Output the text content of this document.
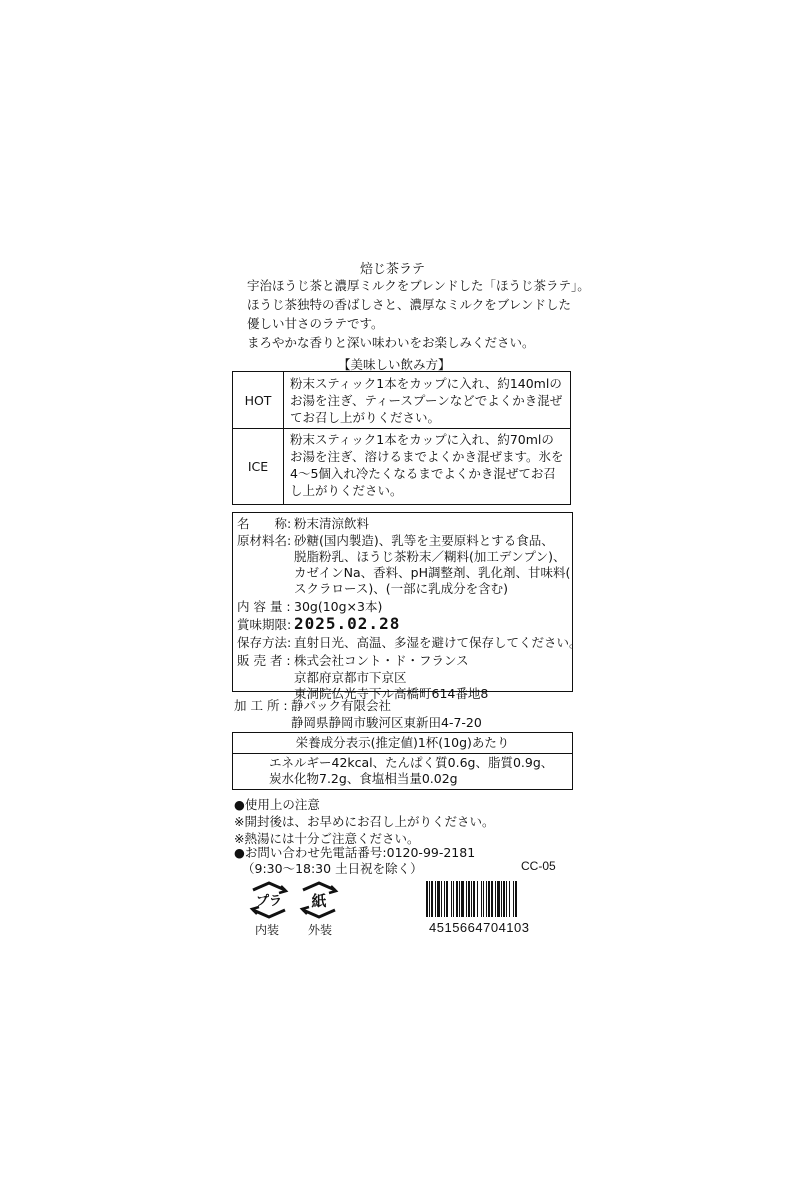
焙じ茶ラテ
宇治ほうじ茶と濃厚ミルクをブレンドした「ほうじ茶ラテ」。
ほうじ茶独特の香ばしさと、濃厚なミルクをブレンドした
優しい甘さのラテです。
まろやかな香りと深い味わいをお楽しみください。
【美味しい飲み方】
HOT
粉末スティック1本をカップに入れ、約140mlの
お湯を注ぎ、ティースプーンなどでよくかき混ぜ
てお召し上がりください。
ICE
粉末スティック1本をカップに入れ、約70mlの
お湯を注ぎ、溶けるまでよくかき混ぜます。氷を
4～5個入れ冷たくなるまでよくかき混ぜてお召
し上がりください。
名　　称: 粉末清涼飲料
原材料名: 砂糖(国内製造)、乳等を主要原料とする食品、
脱脂粉乳、ほうじ茶粉末／糊料(加工デンプン)、
カゼインNa、香料、pH調整剤、乳化剤、甘味料(
スクラロース)、(一部に乳成分を含む)
内 容 量 : 30g(10g×3本)
賞味期限: 2025.02.28
保存方法: 直射日光、高温、多湿を避けて保存してください。
販 売 者 : 株式会社コント・ド・フランス
京都府京都市下京区
東洞院仏光寺下ル高橋町614番地8
加 工 所 : 静パック有限会社
静岡県静岡市駿河区東新田4-7-20
栄養成分表示(推定値)1杯(10g)あたり
エネルギー42kcal、たんぱく質0.6g、脂質0.9g、
炭水化物7.2g、食塩相当量0.02g
●使用上の注意
※開封後は、お早めにお召し上がりください。
※熱湯には十分ご注意ください。
●お問い合わせ先電話番号:0120-99-2181
（9:30～18:30 土日祝を除く）	CC-05
プラ 紙
内装 外装	4515664704103
